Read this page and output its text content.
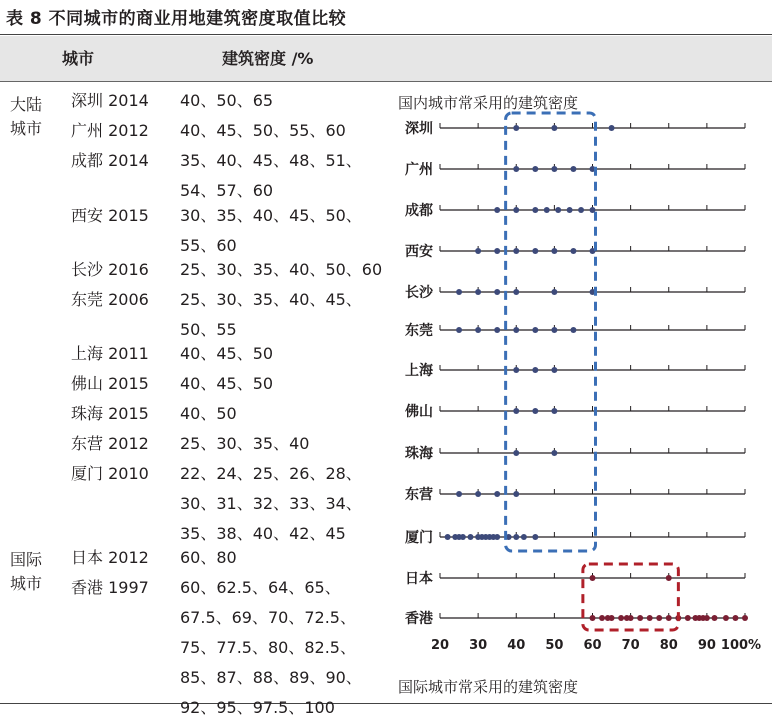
表 8 不同城市的商业用地建筑密度取值比较
城市	建筑密度 /%
大陆
城市
国际
城市
深圳 2014 40、50、65
广州 2012 40、45、50、55、60
成都 2014 35、40、45、48、51、
54、57、60
西安 2015 30、35、40、45、50、
55、60
长沙 2016 25、30、35、40、50、60
东莞 2006 25、30、35、40、45、
50、55
上海 2011 40、45、50
佛山 2015 40、45、50
珠海 2015 40、50
东营 2012 25、30、35、40
厦门 2010 22、24、25、26、28、
30、31、32、33、34、
35、38、40、42、45
日本 2012 60、80
香港 1997 60、62.5、64、65、
67.5、69、70、72.5、
75、77.5、80、82.5、
85、87、88、89、90、
92、95、97.5、100
国内城市常采用的建筑密度
国际城市常采用的建筑密度
深圳
广州
成都
西安
长沙
东莞
上海
佛山
珠海
东营
厦门
日本
香港
20 30 40 50 60 70 80 90 100%
